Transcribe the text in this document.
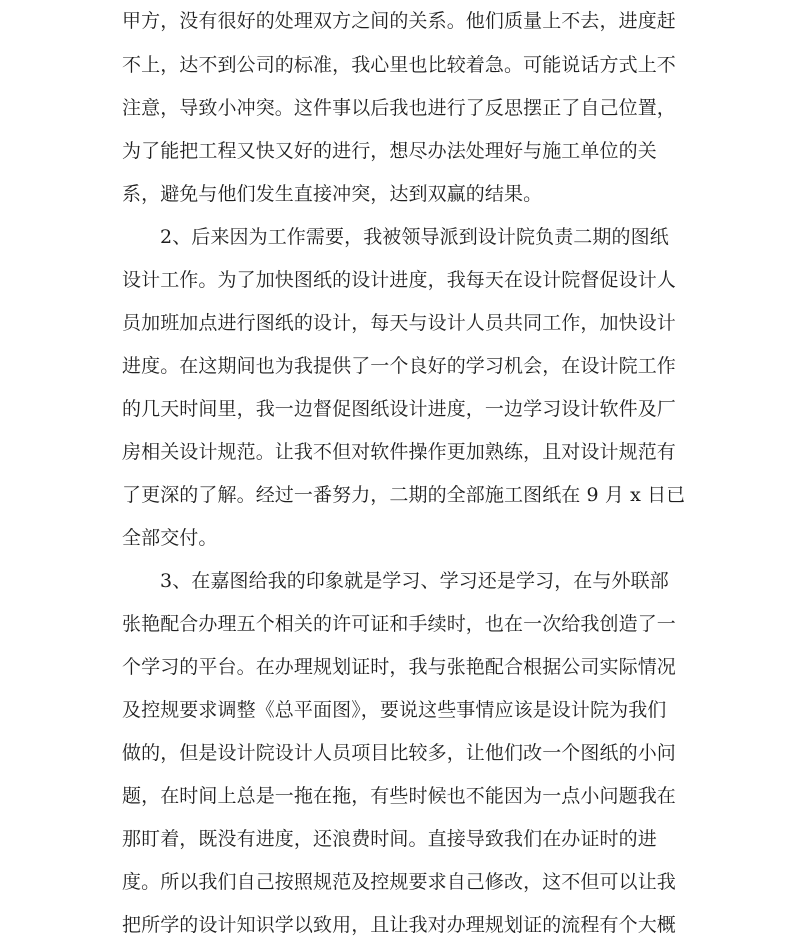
甲方，没有很好的处理双方之间的关系。他们质量上不去，进度赶
不上，达不到公司的标准，我心里也比较着急。可能说话方式上不
注意，导致小冲突。这件事以后我也进行了反思摆正了自己位置，
为了能把工程又快又好的进行，想尽办法处理好与施工单位的关
系，避免与他们发生直接冲突，达到双赢的结果。
2、后来因为工作需要，我被领导派到设计院负责二期的图纸
设计工作。为了加快图纸的设计进度，我每天在设计院督促设计人
员加班加点进行图纸的设计，每天与设计人员共同工作，加快设计
进度。在这期间也为我提供了一个良好的学习机会，在设计院工作
的几天时间里，我一边督促图纸设计进度，一边学习设计软件及厂
房相关设计规范。让我不但对软件操作更加熟练，且对设计规范有
了更深的了解。经过一番努力，二期的全部施工图纸在 9 月 x 日已
全部交付。
3、在嘉图给我的印象就是学习、学习还是学习，在与外联部
张艳配合办理五个相关的许可证和手续时，也在一次给我创造了一
个学习的平台。在办理规划证时，我与张艳配合根据公司实际情况
及控规要求调整《总平面图》，要说这些事情应该是设计院为我们
做的，但是设计院设计人员项目比较多，让他们改一个图纸的小问
题，在时间上总是一拖在拖，有些时候也不能因为一点小问题我在
那盯着，既没有进度，还浪费时间。直接导致我们在办证时的进
度。所以我们自己按照规范及控规要求自己修改，这不但可以让我
把所学的设计知识学以致用，且让我对办理规划证的流程有个大概
